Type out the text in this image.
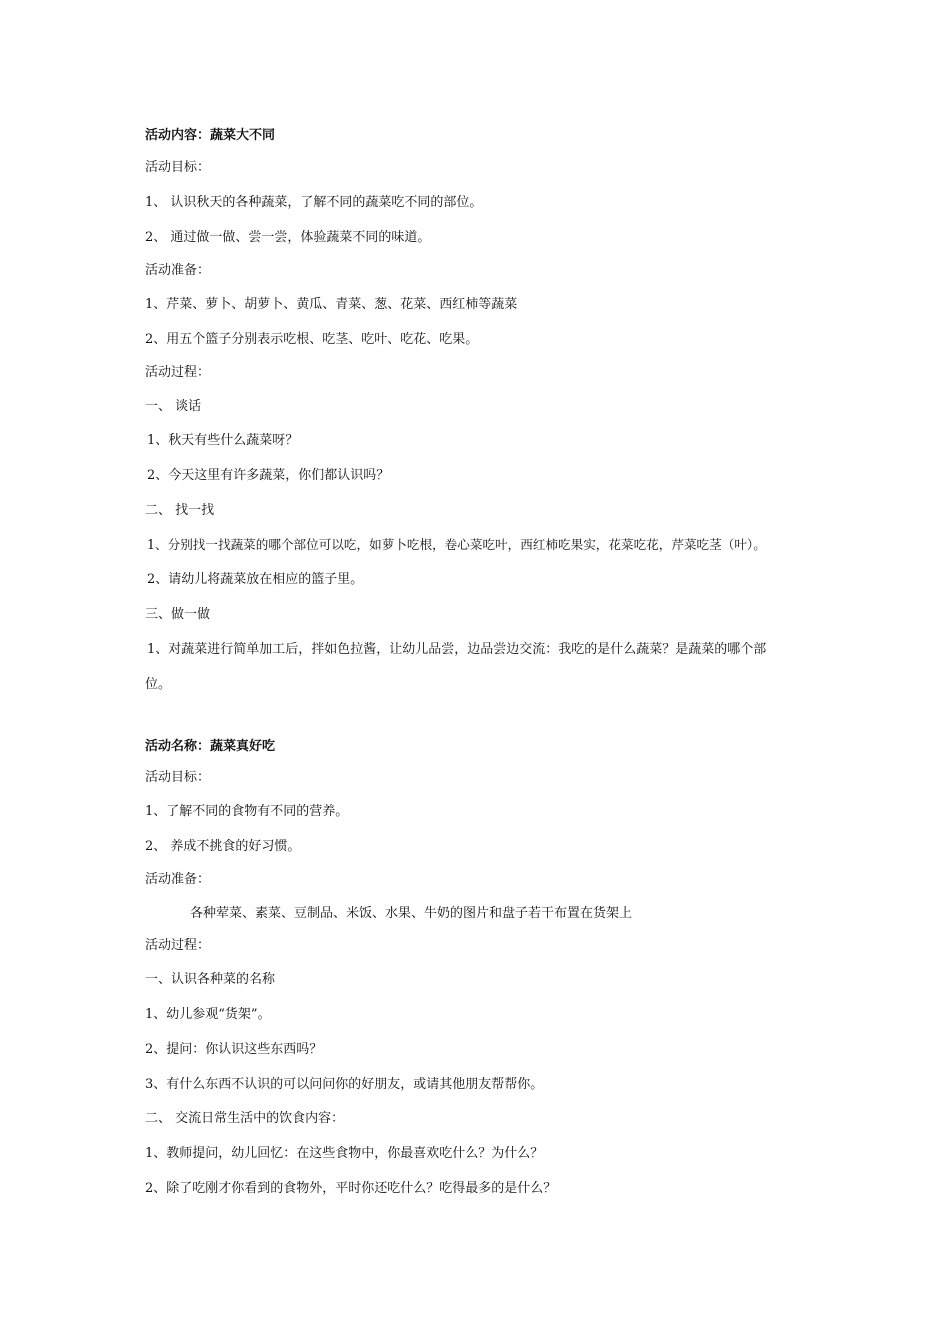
活动内容：蔬菜大不同
活动目标：
1、 认识秋天的各种蔬菜，了解不同的蔬菜吃不同的部位。
2、 通过做一做、尝一尝，体验蔬菜不同的味道。
活动准备：
1、芹菜、萝卜、胡萝卜、黄瓜、青菜、葱、花菜、西红柿等蔬菜
2、用五个篮子分别表示吃根、吃茎、吃叶、吃花、吃果。
活动过程：
一、 谈话
1、秋天有些什么蔬菜呀？
2、今天这里有许多蔬菜，你们都认识吗？
二、 找一找
1、分别找一找蔬菜的哪个部位可以吃，如萝卜吃根，卷心菜吃叶，西红柿吃果实，花菜吃花，芹菜吃茎（叶）。
2、请幼儿将蔬菜放在相应的篮子里。
三、做一做
1、对蔬菜进行简单加工后，拌如色拉酱，让幼儿品尝，边品尝边交流：我吃的是什么蔬菜？是蔬菜的哪个部
位。
活动名称：蔬菜真好吃
活动目标：
1、了解不同的食物有不同的营养。
2、 养成不挑食的好习惯。
活动准备：
各种荤菜、素菜、豆制品、米饭、水果、牛奶的图片和盘子若干布置在货架上
活动过程：
一、认识各种菜的名称
1、幼儿参观“货架”。
2、提问：你认识这些东西吗？
3、有什么东西不认识的可以问问你的好朋友，或请其他朋友帮帮你。
二、 交流日常生活中的饮食内容：
1、教师提问，幼儿回忆：在这些食物中，你最喜欢吃什么？为什么？
2、除了吃刚才你看到的食物外，平时你还吃什么？吃得最多的是什么？
